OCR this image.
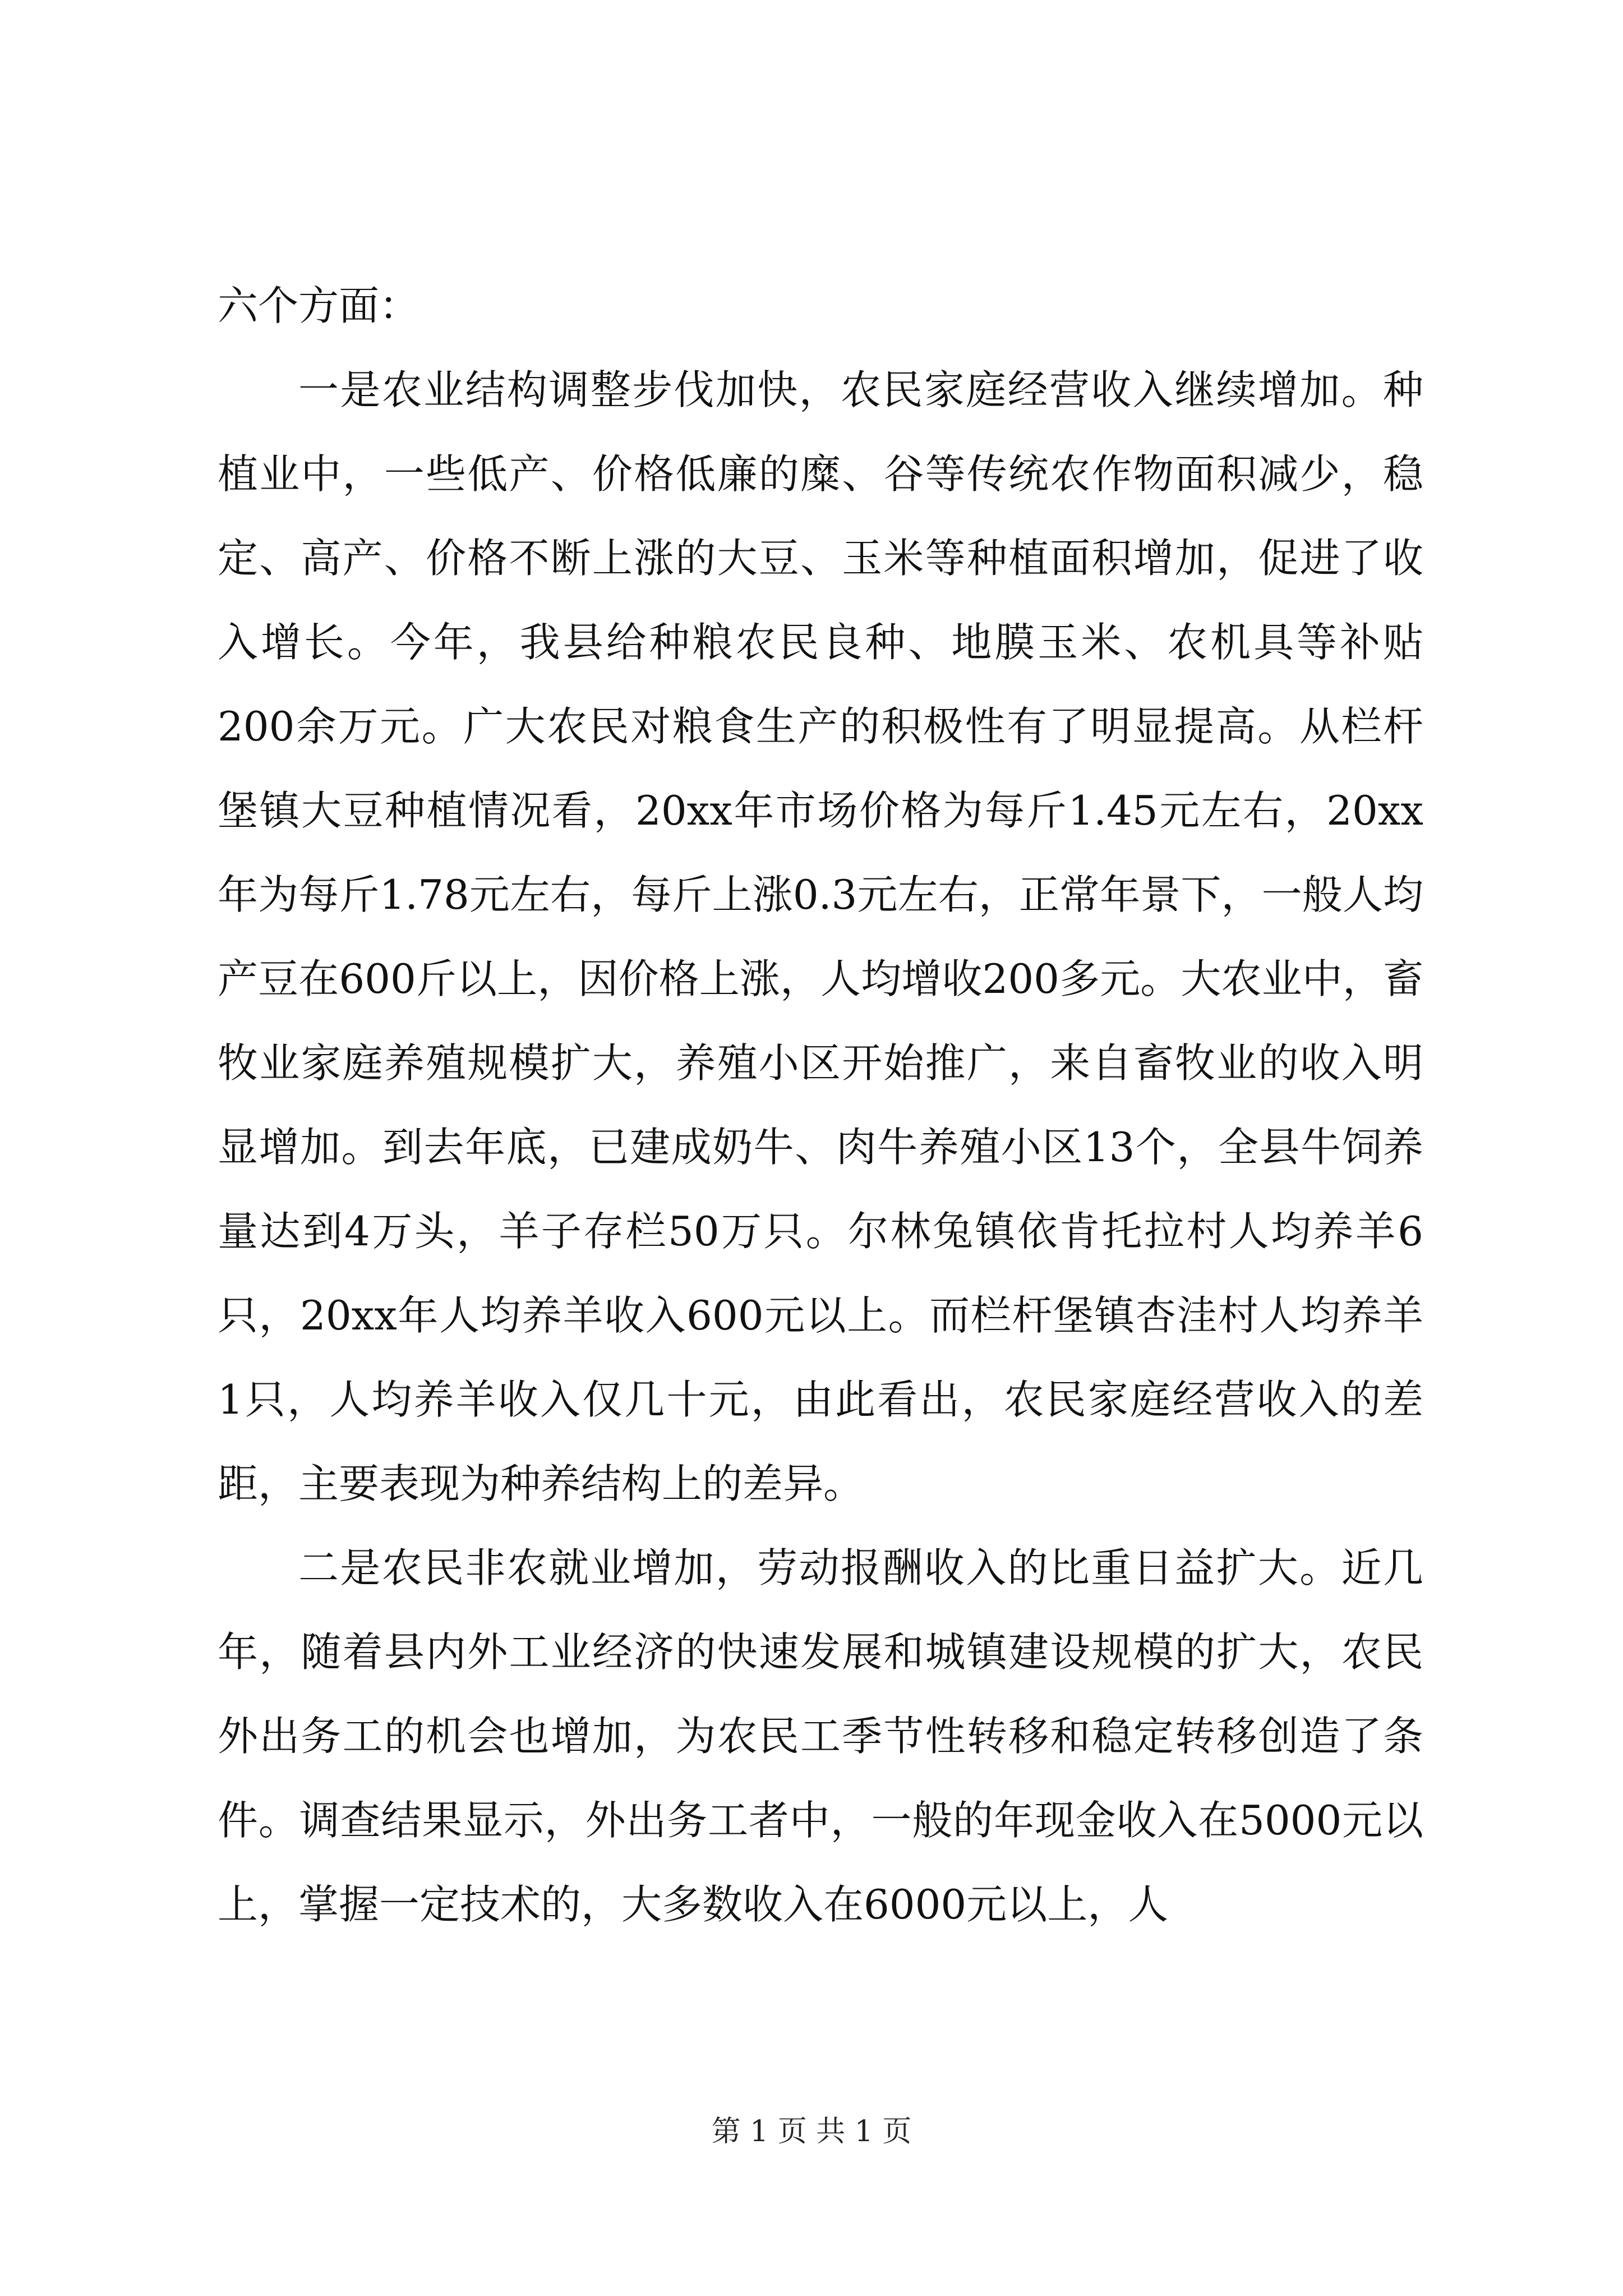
六个方面：

一是农业结构调整步伐加快，农民家庭经营收入继续增加。种植业中，一些低产、价格低廉的糜、谷等传统农作物面积减少，稳定、高产、价格不断上涨的大豆、玉米等种植面积增加，促进了收入增长。今年，我县给种粮农民良种、地膜玉米、农机具等补贴200余万元。广大农民对粮食生产的积极性有了明显提高。从栏杆堡镇大豆种植情况看，20xx年市场价格为每斤1.45元左右，20xx年为每斤1.78元左右，每斤上涨0.3元左右，正常年景下，一般人均产豆在600斤以上，因价格上涨，人均增收200多元。大农业中，畜牧业家庭养殖规模扩大，养殖小区开始推广，来自畜牧业的收入明显增加。到去年底，已建成奶牛、肉牛养殖小区13个，全县牛饲养量达到4万头，羊子存栏50万只。尔林兔镇依肯托拉村人均养羊6只，20xx年人均养羊收入600元以上。而栏杆堡镇杏洼村人均养羊1只，人均养羊收入仅几十元，由此看出，农民家庭经营收入的差距，主要表现为种养结构上的差异。

二是农民非农就业增加，劳动报酬收入的比重日益扩大。近几年，随着县内外工业经济的快速发展和城镇建设规模的扩大，农民外出务工的机会也增加，为农民工季节性转移和稳定转移创造了条件。调查结果显示，外出务工者中，一般的年现金收入在5000元以上，掌握一定技术的，大多数收入在6000元以上，人

第 1 页 共 1 页
